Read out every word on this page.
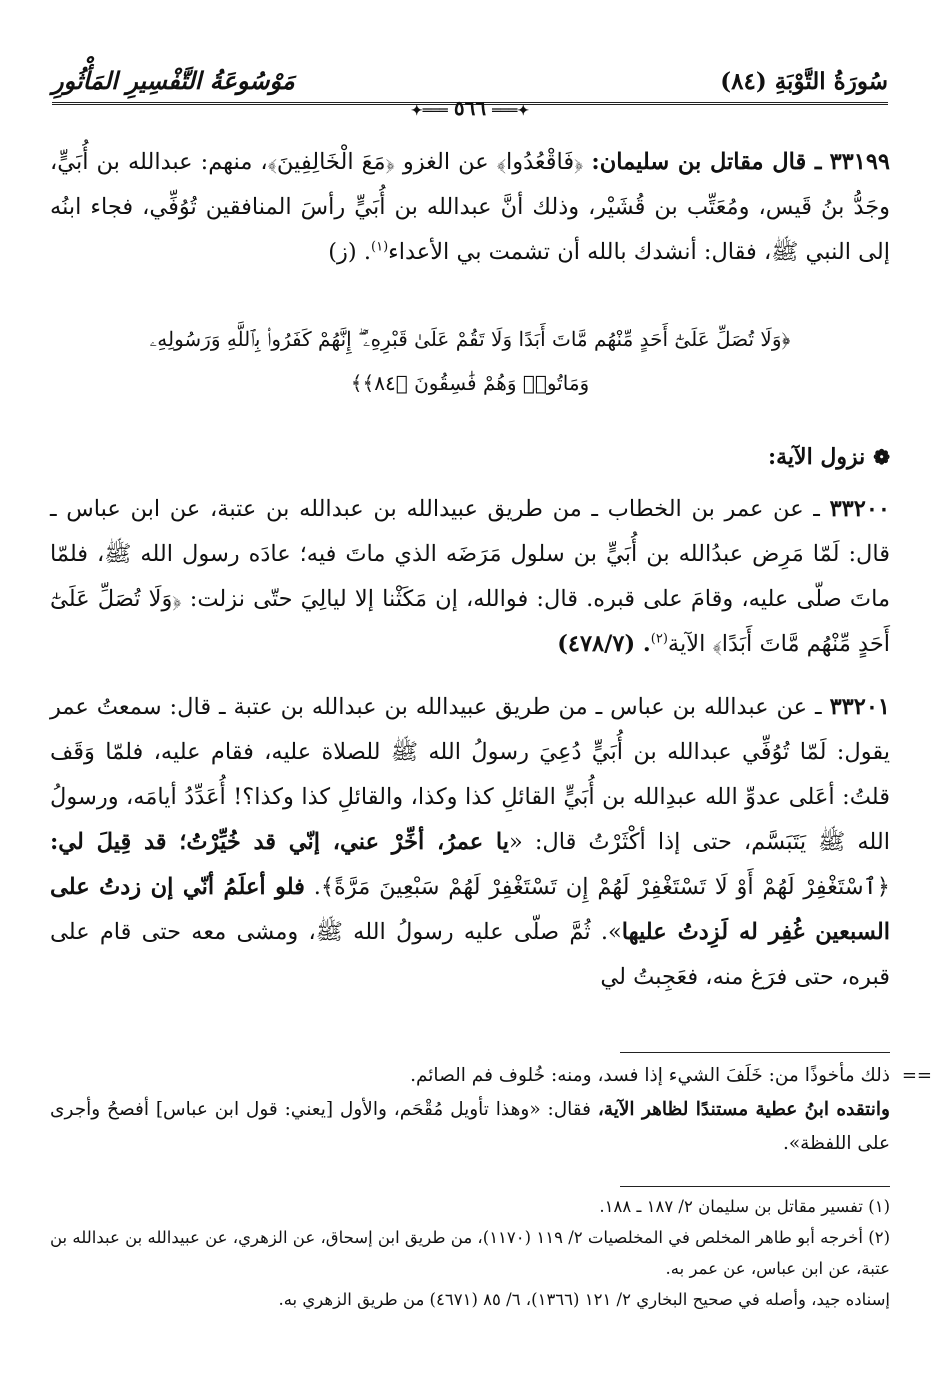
سُورَةُ التَّوْبَةِ (٨٤)
مَوْسُوعَةُ التَّفْسِيرِ المَأْثُورِ
✦═══٥٦٦═══✦

٣٣١٩٩ ـ قال مقاتل بن سليمان: ﴿فَاقْعُدُوا﴾ عن الغزو ﴿مَعَ الْخَالِفِينَ﴾، منهم: عبدالله بن أُبَيٍّ، وجَدُّ بنُ قَيس، ومُعَتِّب بن قُشَيْر، وذلك أنَّ عبدالله بن أُبَيٍّ رأسَ المنافقين تُوُفِّي، فجاء ابنُه إلى النبي ﷺ، فقال: أنشدك بالله أن تشمت بي الأعداء$^{(١)}$. (ز)

﴿وَلَا تُصَلِّ عَلَىٰٓ أَحَدٍ مِّنْهُم مَّاتَ أَبَدًا وَلَا تَقُمْ عَلَىٰ قَبْرِهِۦٓ ۖ إِنَّهُمْ كَفَرُوا۟ بِٱللَّهِ وَرَسُولِهِۦ
وَمَاتُوا۟ وَهُمْ فَٰسِقُونَ ﴿٨٤﴾﴾
❁نزول الآية:

٣٣٢٠٠ ـ عن عمر بن الخطاب ـ من طريق عبيدالله بن عبدالله بن عتبة، عن ابن عباس ـ قال: لَمّا مَرِض عبدُالله بن أُبَيٍّ بن سلول مَرَضَه الذي ماتَ فيه؛ عادَه رسول الله ﷺ، فلمّا ماتَ صلّى عليه، وقامَ على قبره. قال: فوالله، إن مَكَثْنا إلا ليالِيَ حتّى نزلت: ﴿وَلَا تُصَلِّ عَلَىٰٓ أَحَدٍ مِّنْهُم مَّاتَ أَبَدًا﴾ الآية$^{(٢)}$. (٤٧٨/٧)

٣٣٢٠١ ـ عن عبدالله بن عباس ـ من طريق عبيدالله بن عبدالله بن عتبة ـ قال: سمعتُ عمر يقول: لَمّا تُوُفِّي عبدالله بن أُبَيٍّ دُعِيَ رسولُ الله ﷺ للصلاة عليه، فقام عليه، فلمّا وَقَف قلتُ: أعَلى عدوِّ الله عبدِالله بن أُبَيٍّ القائلِ كذا وكذا، والقائلِ كذا وكذا؟! أُعَدِّدُ أيامَه، ورسولُ الله ﷺ يَتَبَسَّم، حتى إذا أكْثَرْتُ قال: «يا عمرُ، أخِّرْ عني، إنّي قد خُيِّرْتُ؛ قد قِيلَ لي: ﴿ٱسْتَغْفِرْ لَهُمْ أَوْ لَا تَسْتَغْفِرْ لَهُمْ إِن تَسْتَغْفِرْ لَهُمْ سَبْعِينَ مَرَّةً﴾. فلو أعلَمُ أنّي إن زدتُ على السبعين غُفِر له لَزِدتُ عليها». ثُمَّ صلّى عليه رسولُ الله ﷺ، ومشى معه حتى قام على قبره، حتى فرَغ منه، فعَجِبتُ لي

==
ذلك مأخوذًا من: خَلَفَ الشيء إذا فسد، ومنه: خُلوف فم الصائم.
وانتقده ابنُ عطية مستندًا لظاهر الآية، فقال: «وهذا تأويل مُقْحَم، والأول [يعني: قول ابن عباس] أفصحُ وأجرى على اللفظة».
(١) تفسير مقاتل بن سليمان ٢/ ١٨٧ ـ ١٨٨.
(٢) أخرجه أبو طاهر المخلص في المخلصيات ٢/ ١١٩ (١١٧٠)، من طريق ابن إسحاق، عن الزهري، عن عبيدالله بن عبدالله بن عتبة، عن ابن عباس، عن عمر به.
إسناده جيد، وأصله في صحيح البخاري ٢/ ١٢١ (١٣٦٦)، ٦/ ٨٥ (٤٦٧١) من طريق الزهري به.
